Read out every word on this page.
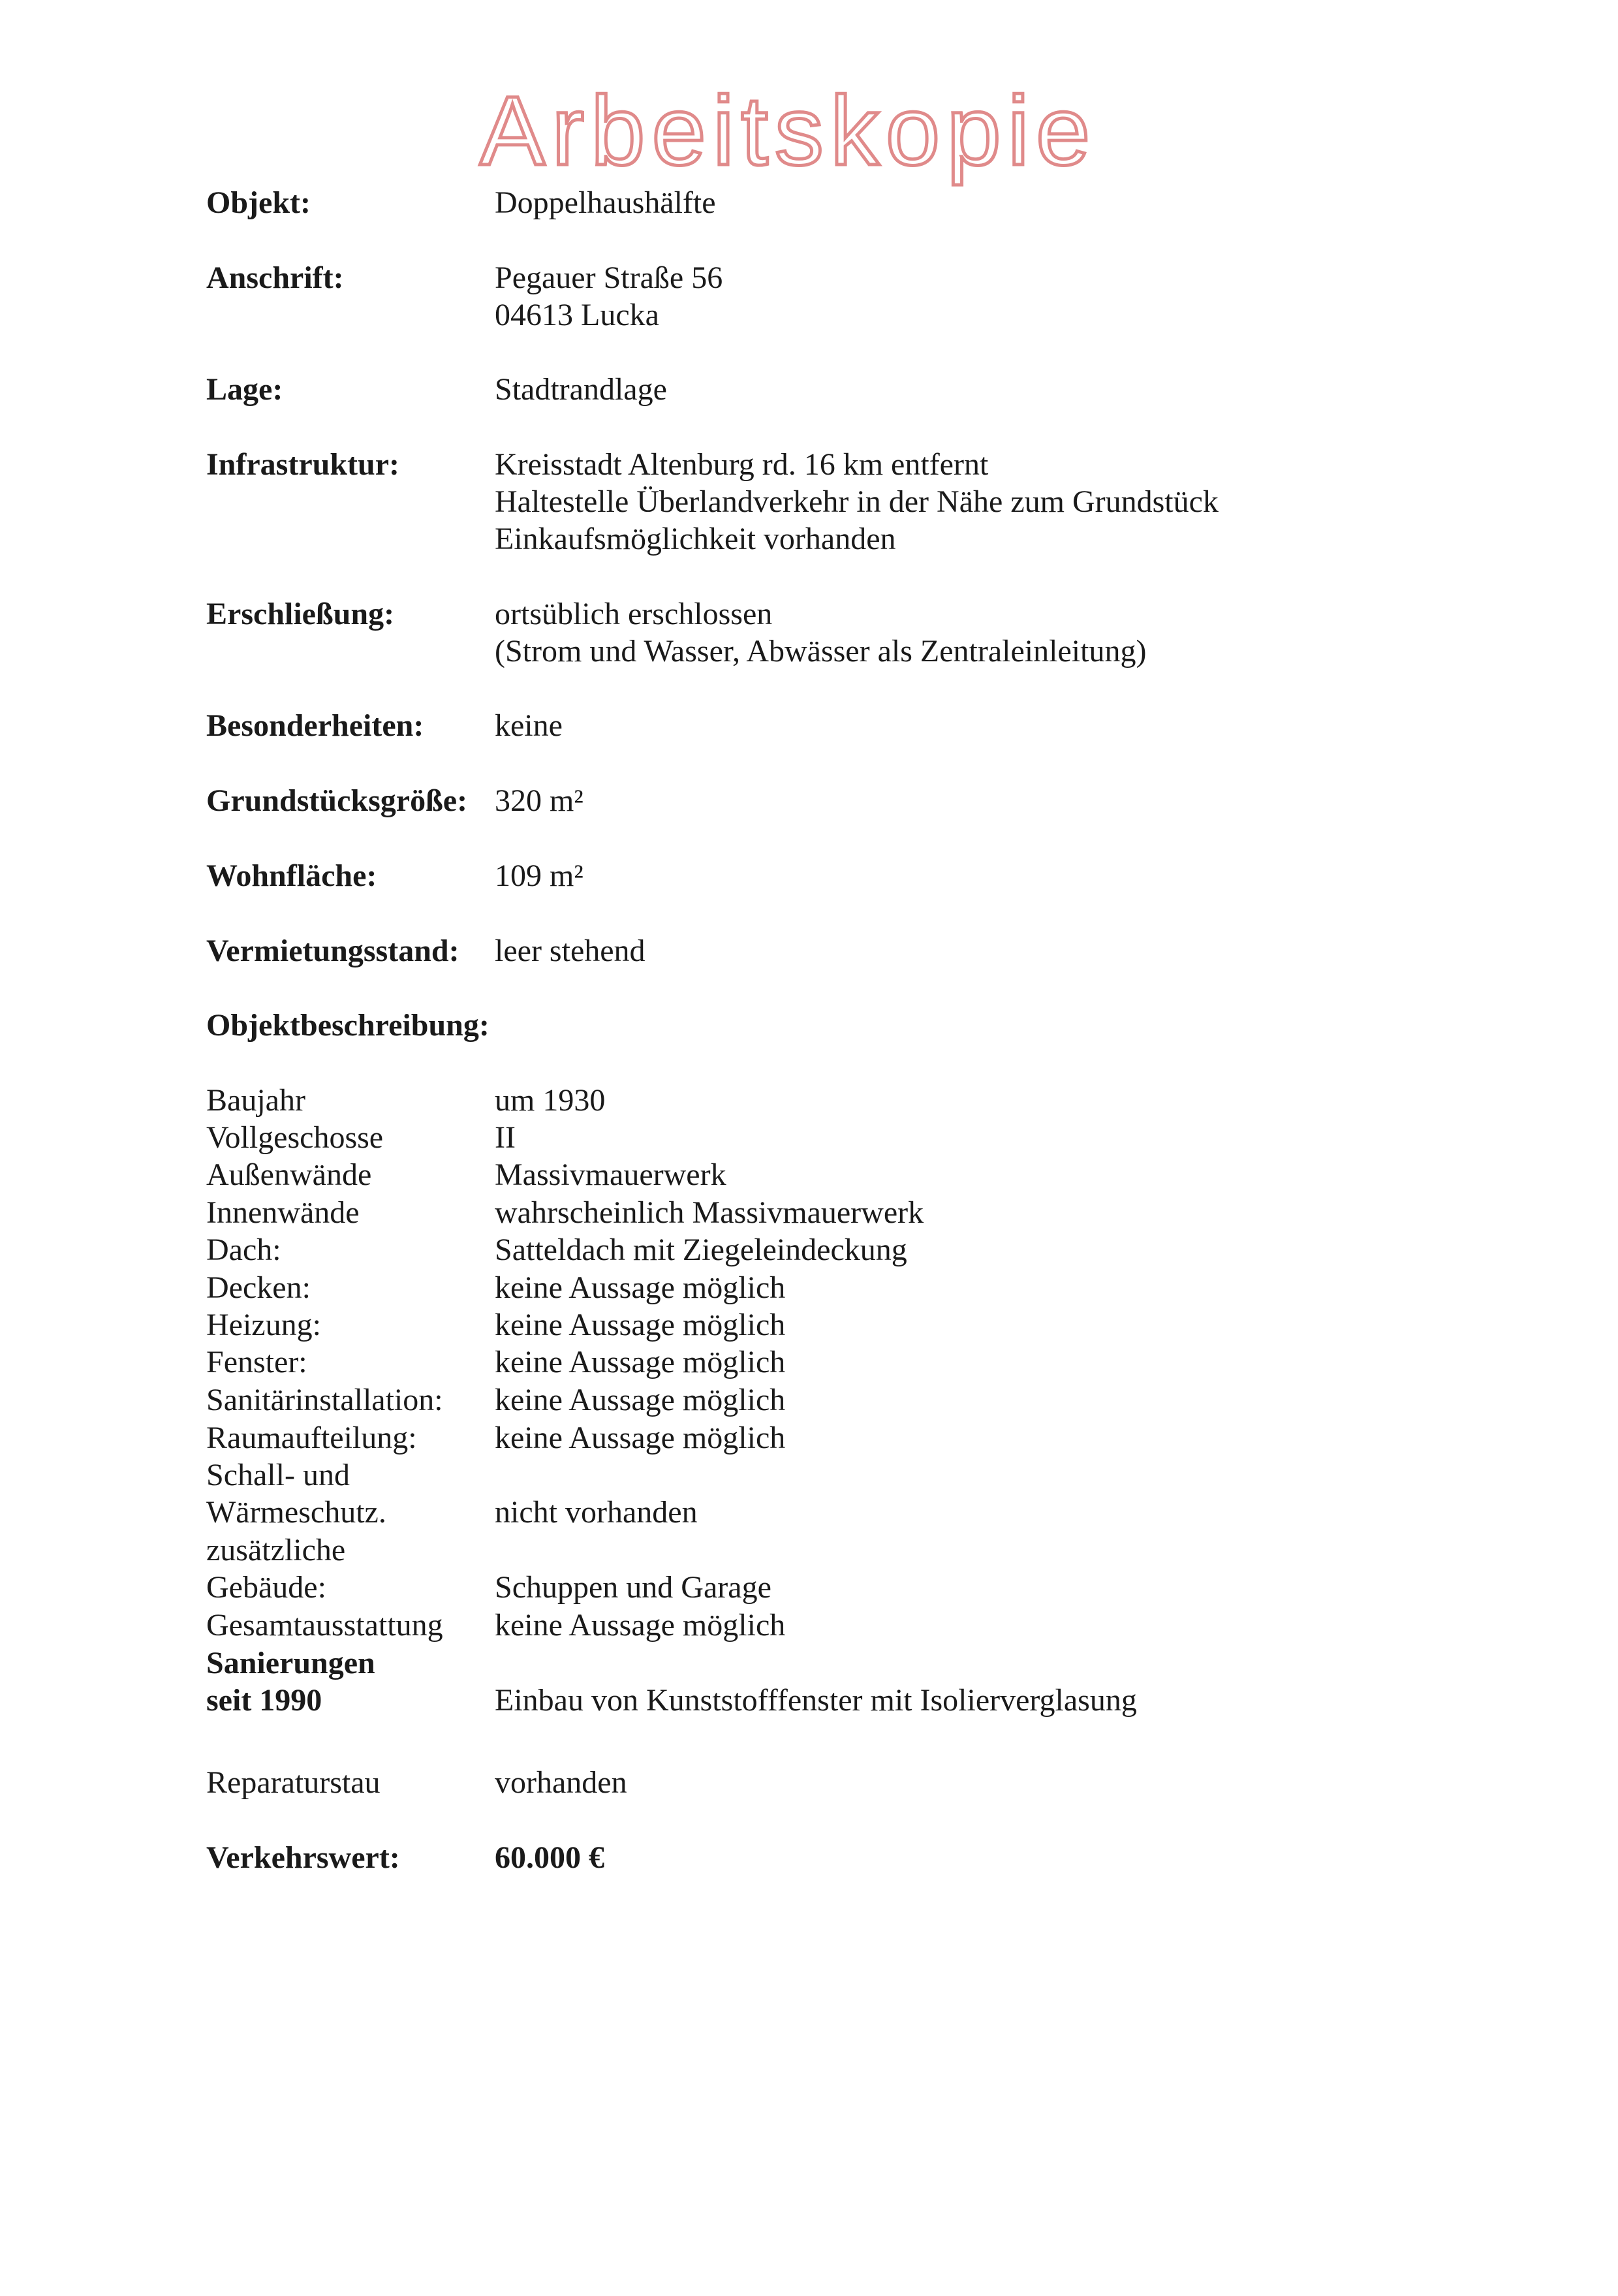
Arbeitskopie
Objekt:	Doppelhaushälfte
Anschrift:	Pegauer Straße 56
04613 Lucka
Lage:	Stadtrandlage
Infrastruktur:	Kreisstadt Altenburg rd. 16 km entfernt
Haltestelle Überlandverkehr in der Nähe zum Grundstück
Einkaufsmöglichkeit vorhanden
Erschließung:	ortsüblich erschlossen
(Strom und Wasser, Abwässer als Zentraleinleitung)
Besonderheiten: keine
Grundstücksgröße: 320 m²
Wohnfläche:	109 m²
Vermietungsstand: leer stehend
Objektbeschreibung:
Baujahr	um 1930
Vollgeschosse	II
Außenwände	Massivmauerwerk
Innenwände	wahrscheinlich Massivmauerwerk
Dach:	Satteldach mit Ziegeleindeckung
Decken:	keine Aussage möglich
Heizung:	keine Aussage möglich
Fenster:	keine Aussage möglich
Sanitärinstallation: keine Aussage möglich
Raumaufteilung: keine Aussage möglich
Schall- und
Wärmeschutz.	nicht vorhanden
zusätzliche
Gebäude:	Schuppen und Garage
Gesamtausstattung keine Aussage möglich
Sanierungen
seit 1990	Einbau von Kunststofffenster mit Isolierverglasung
Reparaturstau	vorhanden
Verkehrswert:	60.000 €
